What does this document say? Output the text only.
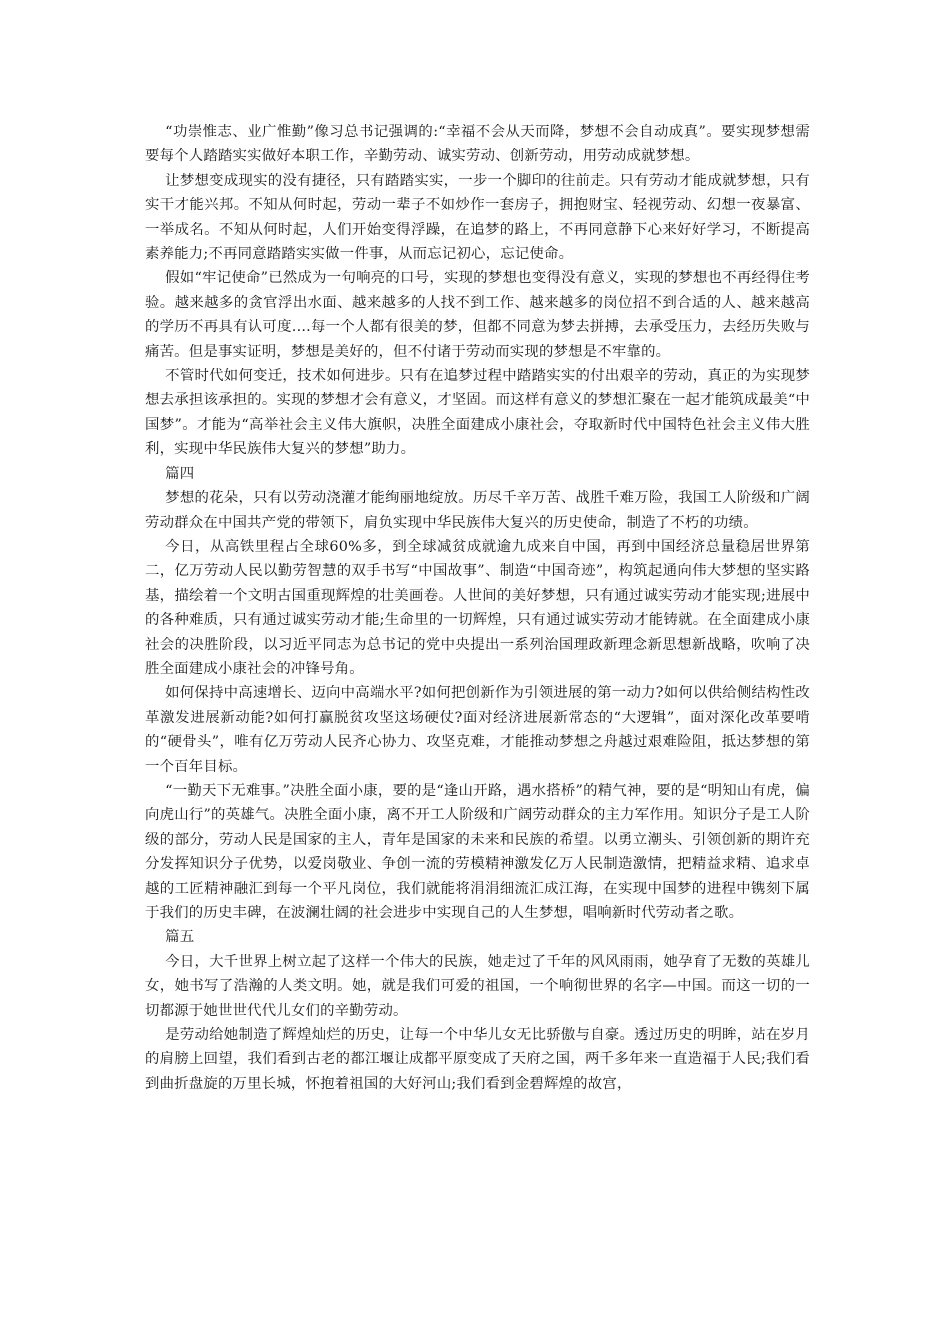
“功崇惟志、业广惟勤”像习总书记强调的:“幸福不会从天而降，梦想不会自动成真”。要实现梦想需要每个人踏踏实实做好本职工作，辛勤劳动、诚实劳动、创新劳动，用劳动成就梦想。

让梦想变成现实的没有捷径，只有踏踏实实，一步一个脚印的往前走。只有劳动才能成就梦想，只有实干才能兴邦。不知从何时起，劳动一辈子不如炒作一套房子，拥抱财宝、轻视劳动、幻想一夜暴富、一举成名。不知从何时起，人们开始变得浮躁，在追梦的路上，不再同意静下心来好好学习，不断提高素养能力;不再同意踏踏实实做一件事，从而忘记初心，忘记使命。

假如“牢记使命”已然成为一句响亮的口号，实现的梦想也变得没有意义，实现的梦想也不再经得住考验。越来越多的贪官浮出水面、越来越多的人找不到工作、越来越多的岗位招不到合适的人、越来越高的学历不再具有认可度....每一个人都有很美的梦，但都不同意为梦去拼搏，去承受压力，去经历失败与痛苦。但是事实证明，梦想是美好的，但不付诸于劳动而实现的梦想是不牢靠的。

不管时代如何变迁，技术如何进步。只有在追梦过程中踏踏实实的付出艰辛的劳动，真正的为实现梦想去承担该承担的。实现的梦想才会有意义，才坚固。而这样有意义的梦想汇聚在一起才能筑成最美“中国梦”。才能为“高举社会主义伟大旗帜，决胜全面建成小康社会，夺取新时代中国特色社会主义伟大胜利，实现中华民族伟大复兴的梦想”助力。

篇四

梦想的花朵，只有以劳动浇灌才能绚丽地绽放。历尽千辛万苦、战胜千难万险，我国工人阶级和广阔劳动群众在中国共产党的带领下，肩负实现中华民族伟大复兴的历史使命，制造了不朽的功绩。

今日，从高铁里程占全球60%多，到全球减贫成就逾九成来自中国，再到中国经济总量稳居世界第二，亿万劳动人民以勤劳智慧的双手书写“中国故事”、制造“中国奇迹”，构筑起通向伟大梦想的坚实路基，描绘着一个文明古国重现辉煌的壮美画卷。人世间的美好梦想，只有通过诚实劳动才能实现;进展中的各种难质，只有通过诚实劳动才能;生命里的一切辉煌，只有通过诚实劳动才能铸就。在全面建成小康社会的决胜阶段，以习近平同志为总书记的党中央提出一系列治国理政新理念新思想新战略，吹响了决胜全面建成小康社会的冲锋号角。

如何保持中高速增长、迈向中高端水平?如何把创新作为引领进展的第一动力?如何以供给侧结构性改革激发进展新动能?如何打赢脱贫攻坚这场硬仗?面对经济进展新常态的“大逻辑”，面对深化改革要啃的“硬骨头”，唯有亿万劳动人民齐心协力、攻坚克难，才能推动梦想之舟越过艰难险阻，抵达梦想的第一个百年目标。

“一勤天下无难事。”决胜全面小康，要的是“逢山开路，遇水搭桥”的精气神，要的是“明知山有虎，偏向虎山行”的英雄气。决胜全面小康，离不开工人阶级和广阔劳动群众的主力军作用。知识分子是工人阶级的部分，劳动人民是国家的主人，青年是国家的未来和民族的希望。以勇立潮头、引领创新的期许充分发挥知识分子优势，以爱岗敬业、争创一流的劳模精神激发亿万人民制造激情，把精益求精、追求卓越的工匠精神融汇到每一个平凡岗位，我们就能将涓涓细流汇成江海，在实现中国梦的进程中镌刻下属于我们的历史丰碑，在波澜壮阔的社会进步中实现自己的人生梦想，唱响新时代劳动者之歌。

篇五

今日，大千世界上树立起了这样一个伟大的民族，她走过了千年的风风雨雨，她孕育了无数的英雄儿女，她书写了浩瀚的人类文明。她，就是我们可爱的祖国，一个响彻世界的名字—中国。而这一切的一切都源于她世世代代儿女们的辛勤劳动。

是劳动给她制造了辉煌灿烂的历史，让每一个中华儿女无比骄傲与自豪。透过历史的明眸，站在岁月的肩膀上回望，我们看到古老的都江堰让成都平原变成了天府之国，两千多年来一直造福于人民;我们看到曲折盘旋的万里长城，怀抱着祖国的大好河山;我们看到金碧辉煌的故宫，
